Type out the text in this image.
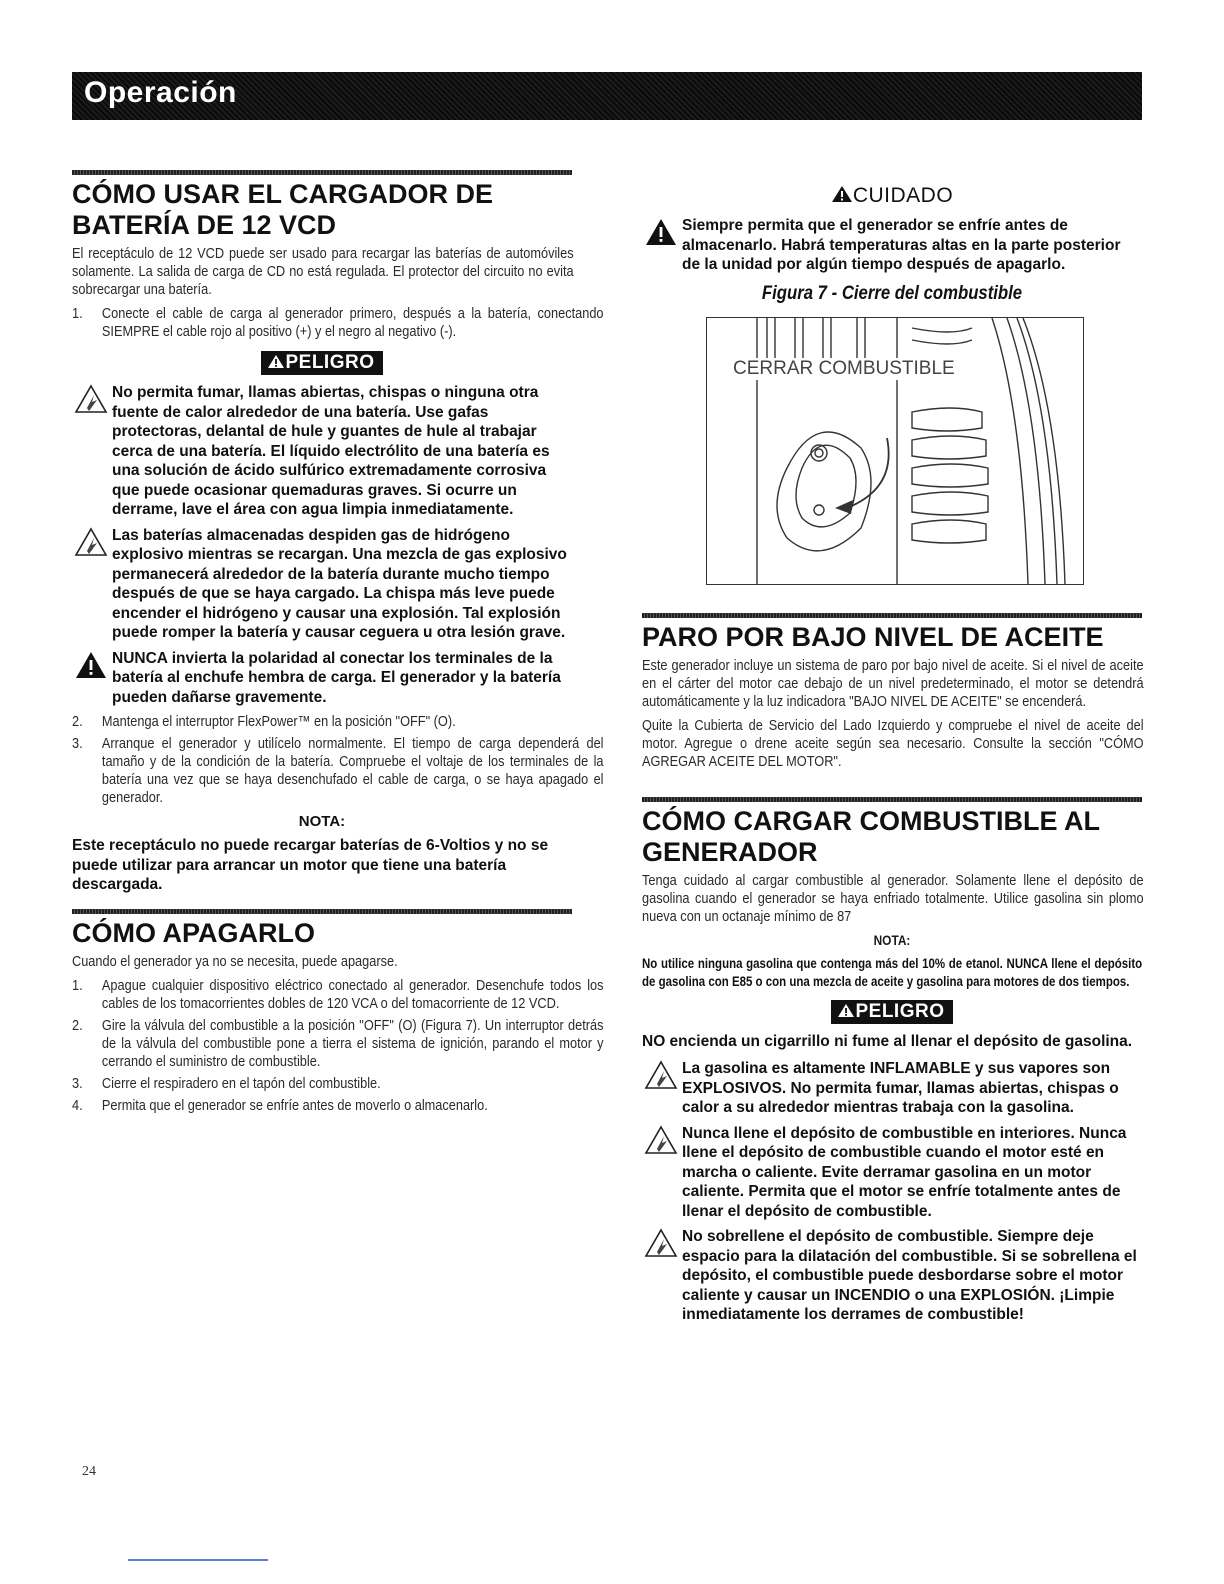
Operación
CÓMO USAR EL CARGADOR DE
BATERÍA DE 12 VCD

El receptáculo de 12 VCD puede ser usado para recargar las baterías de automóviles solamente. La salida de carga de CD no está regulada. El protector del circuito no evita sobrecargar una batería.

1. Conecte el cable de carga al generador primero, después a la batería, conectando SIEMPRE el cable rojo al positivo (+) y el negro al negativo (-).
PELIGRO
No permita fumar, llamas abiertas, chispas o ninguna otra fuente de calor alrededor de una batería. Use gafas protectoras, delantal de hule y guantes de hule al trabajar cerca de una batería. El líquido electrólito de una batería es una solución de ácido sulfúrico extremadamente corrosiva que puede ocasionar quemaduras graves. Si ocurre un derrame, lave el área con agua limpia inmediatamente.
Las baterías almacenadas despiden gas de hidrógeno explosivo mientras se recargan. Una mezcla de gas explosivo permanecerá alrededor de la batería durante mucho tiempo después de que se haya cargado. La chispa más leve puede encender el hidrógeno y causar una explosión. Tal explosión puede romper la batería y causar ceguera u otra lesión grave.
NUNCA invierta la polaridad al conectar los terminales de la batería al enchufe hembra de carga. El generador y la batería pueden dañarse gravemente.
2. Mantenga el interruptor FlexPower™ en la posición "OFF" (O).
3. Arranque el generador y utilícelo normalmente. El tiempo de carga dependerá del tamaño y de la condición de la batería. Compruebe el voltaje de los terminales de la batería una vez que se haya desenchufado el cable de carga, o se haya apagado el generador.
NOTA:
Este receptáculo no puede recargar baterías de 6-Voltios y no se puede utilizar para arrancar un motor que tiene una batería descargada.
CÓMO APAGARLO

Cuando el generador ya no se necesita, puede apagarse.

1. Apague cualquier dispositivo eléctrico conectado al generador. Desenchufe todos los cables de los tomacorrientes dobles de 120 VCA o del tomacorriente de 12 VCD.
2. Gire la válvula del combustible a la posición "OFF" (O) (Figura 7). Un interruptor detrás de la válvula del combustible pone a tierra el sistema de ignición, parando el motor y cerrando el suministro de combustible.
3. Cierre el respiradero en el tapón del combustible.
4. Permita que el generador se enfríe antes de moverlo o almacenarlo.
CUIDADO
Siempre permita que el generador se enfríe antes de almacenarlo. Habrá temperaturas altas en la parte posterior de la unidad por algún tiempo después de apagarlo.
Figura 7 - Cierre del combustible
CERRAR COMBUSTIBLE
PARO POR BAJO NIVEL DE ACEITE

Este generador incluye un sistema de paro por bajo nivel de aceite. Si el nivel de aceite en el cárter del motor cae debajo de un nivel predeterminado, el motor se detendrá automáticamente y la luz indicadora "BAJO NIVEL DE ACEITE" se encenderá.

Quite la Cubierta de Servicio del Lado Izquierdo y compruebe el nivel de aceite del motor. Agregue o drene aceite según sea necesario. Consulte la sección "CÓMO AGREGAR ACEITE DEL MOTOR".

CÓMO CARGAR COMBUSTIBLE AL
GENERADOR

Tenga cuidado al cargar combustible al generador. Solamente llene el depósito de gasolina cuando el generador se haya enfriado totalmente. Utilice gasolina sin plomo nueva con un octanaje mínimo de 87

NOTA:
No utilice ninguna gasolina que contenga más del 10% de etanol. NUNCA llene el depósito de gasolina con E85 o con una mezcla de aceite y gasolina para motores de dos tiempos.
PELIGRO
NO encienda un cigarrillo ni fume al llenar el depósito de gasolina.
La gasolina es altamente INFLAMABLE y sus vapores son EXPLOSIVOS. No permita fumar, llamas abiertas, chispas o calor a su alrededor mientras trabaja con la gasolina.
Nunca llene el depósito de combustible en interiores. Nunca llene el depósito de combustible cuando el motor esté en marcha o caliente. Evite derramar gasolina en un motor caliente. Permita que el motor se enfríe totalmente antes de llenar el depósito de combustible.
No sobrellene el depósito de combustible. Siempre deje espacio para la dilatación del combustible. Si se sobrellena el depósito, el combustible puede desbordarse sobre el motor caliente y causar un INCENDIO o una EXPLOSIÓN. ¡Limpie inmediatamente los derrames de combustible!
24
